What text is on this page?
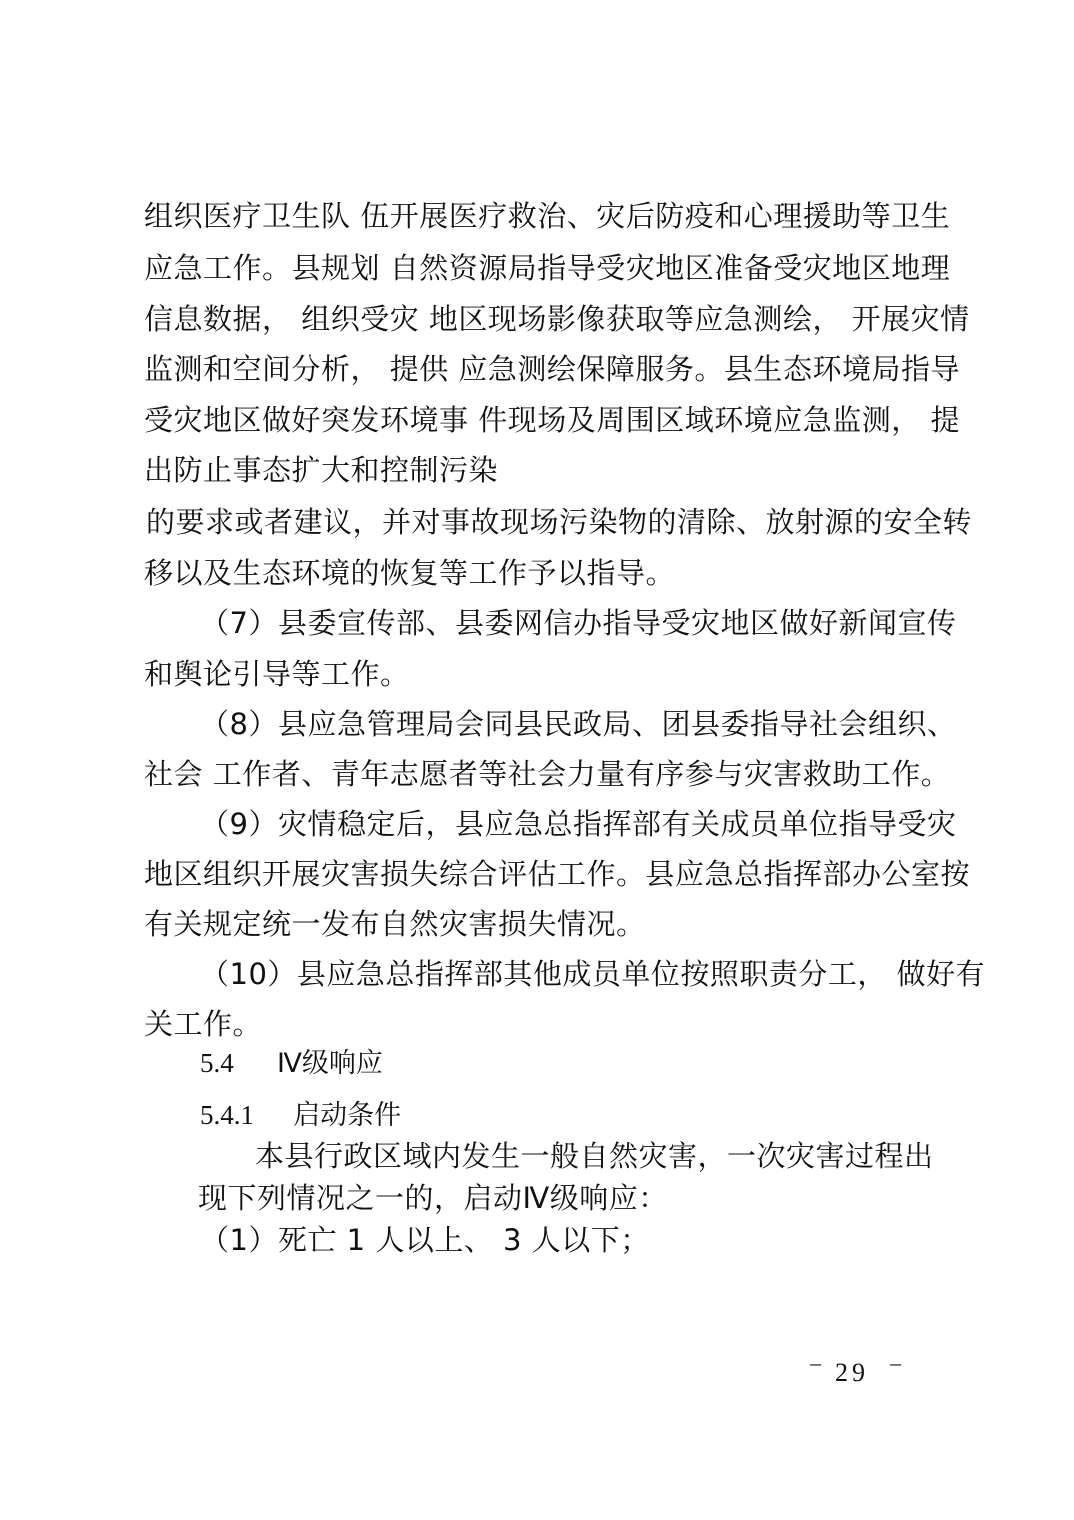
组织医疗卫生队 伍开展医疗救治、灾后防疫和心理援助等卫生
应急工作。县规划 自然资源局指导受灾地区准备受灾地区地理
信息数据， 组织受灾 地区现场影像获取等应急测绘， 开展灾情
监测和空间分析， 提供 应急测绘保障服务。县生态环境局指导
受灾地区做好突发环境事 件现场及周围区域环境应急监测， 提
出防止事态扩大和控制污染
的要求或者建议，并对事故现场污染物的清除、放射源的安全转
移以及生态环境的恢复等工作予以指导。
（7）县委宣传部、县委网信办指导受灾地区做好新闻宣传
和舆论引导等工作。
（8）县应急管理局会同县民政局、团县委指导社会组织、
社会 工作者、青年志愿者等社会力量有序参与灾害救助工作。
（9）灾情稳定后，县应急总指挥部有关成员单位指导受灾
地区组织开展灾害损失综合评估工作。县应急总指挥部办公室按
有关规定统一发布自然灾害损失情况。
（10）县应急总指挥部其他成员单位按照职责分工， 做好有
关工作。
5.4 Ⅳ级响应
5.4.1 启动条件
本县行政区域内发生一般自然灾害，一次灾害过程出
现下列情况之一的，启动Ⅳ级响应：
（1）死亡 1 人以上、 3 人以下；
– 29 –
